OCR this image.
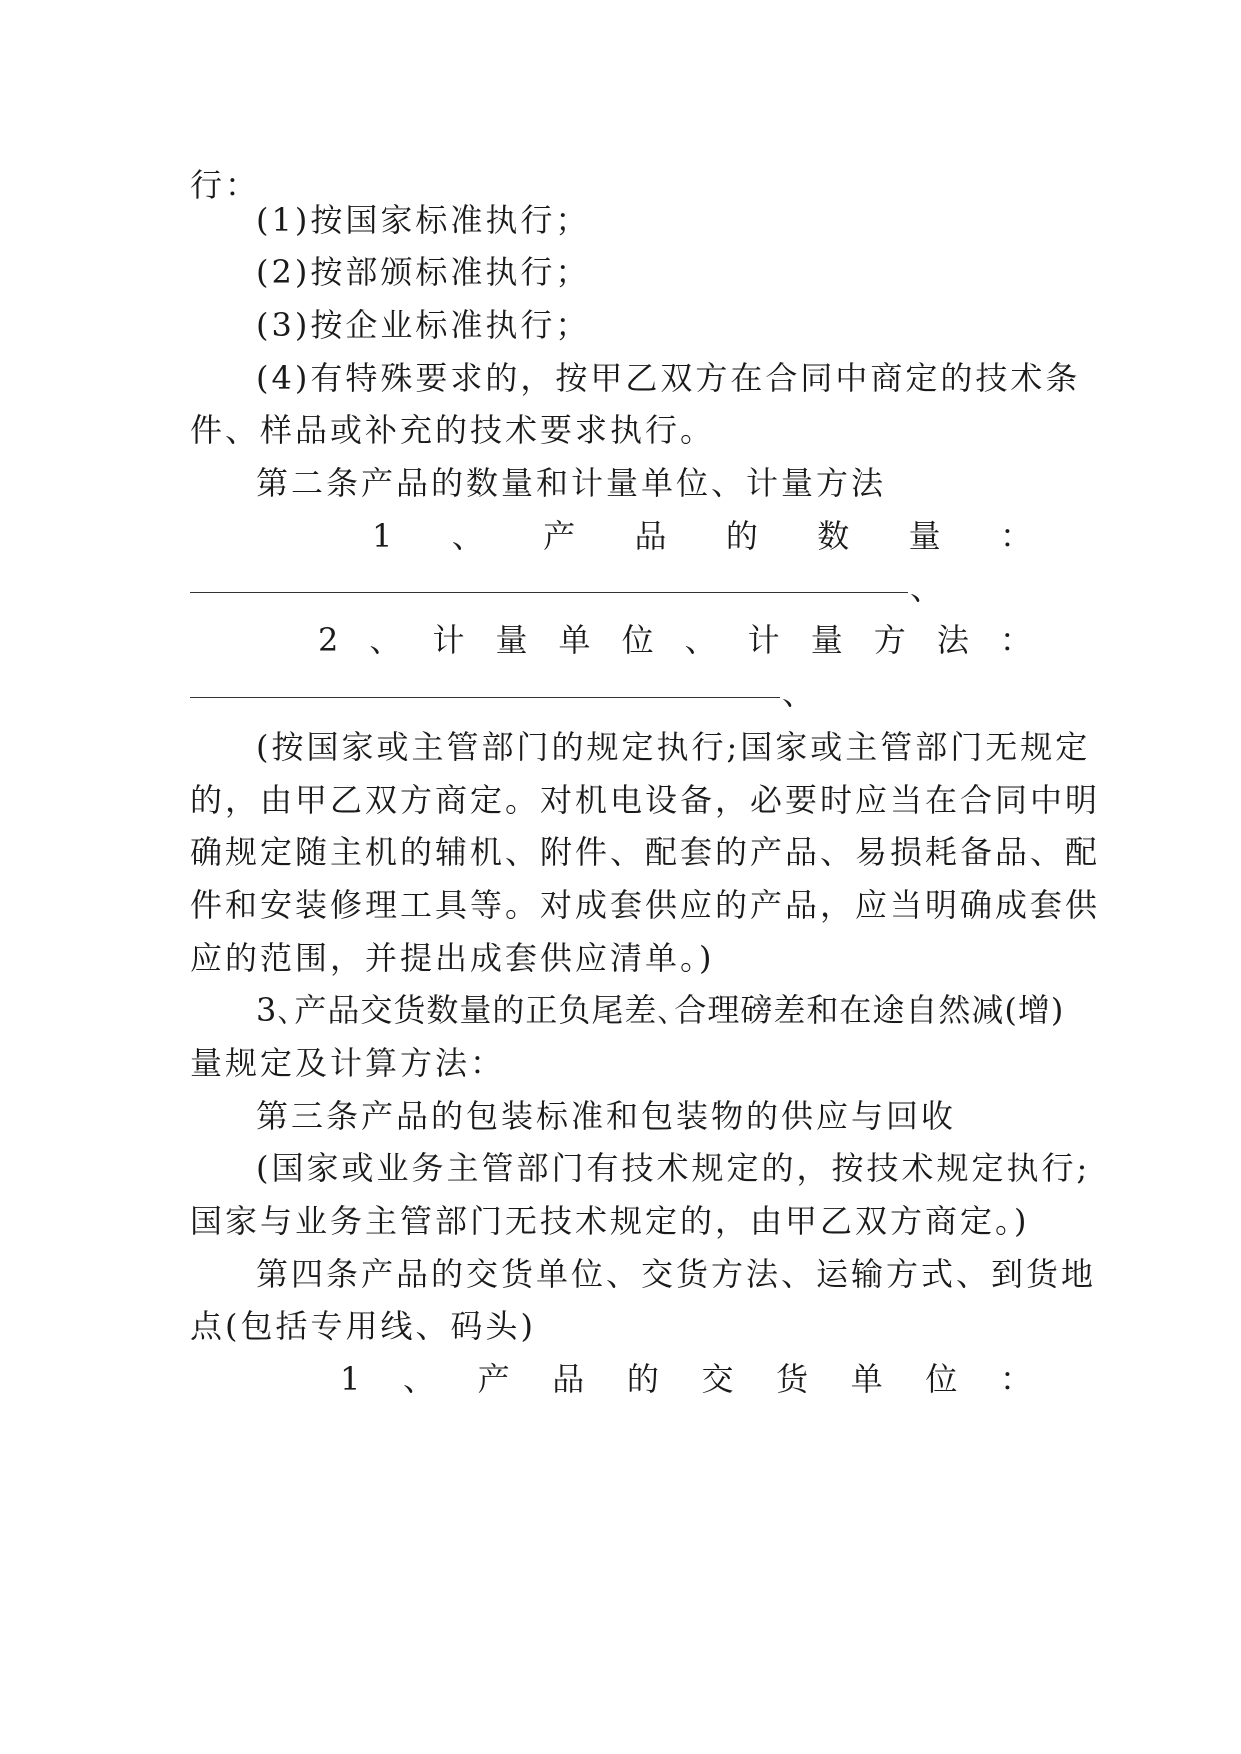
行：
(1)按国家标准执行；
(2)按部颁标准执行；
(3)按企业标准执行；
(4)有特殊要求的，按甲乙双方在合同中商定的技术条
件、样品或补充的技术要求执行。
第二条产品的数量和计量单位、计量方法
1 、 产 品 的 数 量 ：
、
2 、 计 量 单 位 、 计 量 方 法 ：
、
(按国家或主管部门的规定执行;国家或主管部门无规定
的，由甲乙双方商定。对机电设备，必要时应当在合同中明
确规定随主机的辅机、附件、配套的产品、易损耗备品、配
件和安装修理工具等。对成套供应的产品，应当明确成套供
应的范围，并提出成套供应清单。)
3､产品交货数量的正负尾差､合理磅差和在途自然减(增)
量规定及计算方法：
第三条产品的包装标准和包装物的供应与回收
(国家或业务主管部门有技术规定的，按技术规定执行;
国家与业务主管部门无技术规定的，由甲乙双方商定。)
第四条产品的交货单位、交货方法、运输方式、到货地
点(包括专用线、码头)
1 、 产 品 的 交 货 单 位 ：
